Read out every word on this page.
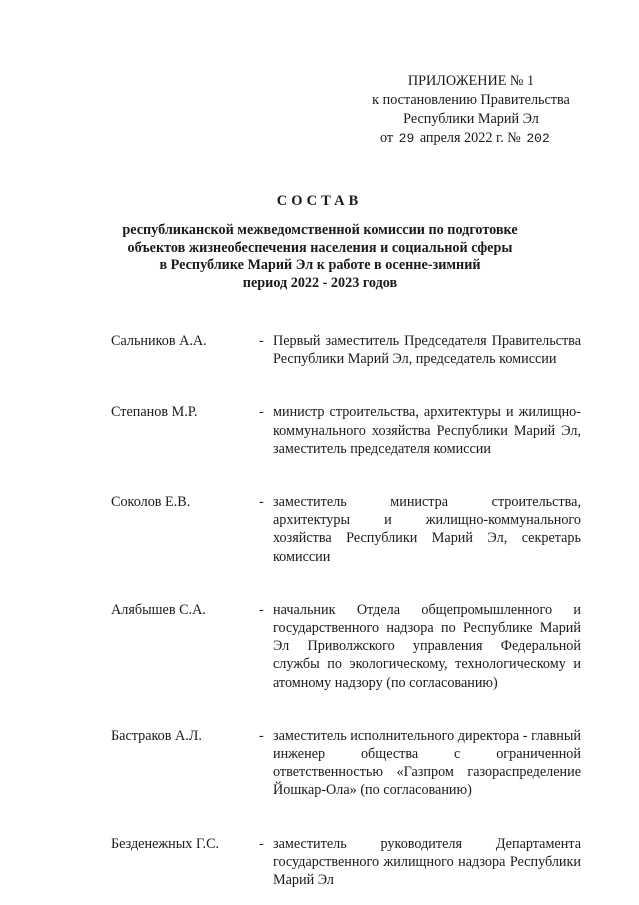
ПРИЛОЖЕНИЕ № 1
к постановлению Правительства
Республики Марий Эл
от 29 апреля 2022 г. № 202
СОСТАВ
республиканской межведомственной комиссии по подготовке
объектов жизнеобеспечения населения и социальной сферы
в Республике Марий Эл к работе в осенне-зимний
период 2022 - 2023 годов
Сальников А.А.	- Первый заместитель Председателя Правительства Республики Марий Эл, председатель комиссии
Степанов М.Р.	- министр строительства, архитектуры и жилищно-коммунального хозяйства Республики Марий Эл, заместитель председателя комиссии
Соколов Е.В.	- заместитель министра строительства, архитектуры и жилищно-коммунального хозяйства Республики Марий Эл, секретарь комиссии
Алябышев С.А.	- начальник Отдела общепромышленного и государственного надзора по Республике Марий Эл Приволжского управления Федеральной службы по экологическому, технологическому и атомному надзору (по согласованию)
Бастраков А.Л.	- заместитель исполнительного директора - главный инженер общества с ограниченной ответственностью «Газпром газораспределение Йошкар-Ола» (по согласованию)
Безденежных Г.С.	- заместитель руководителя Департамента государственного жилищного надзора Республики Марий Эл
